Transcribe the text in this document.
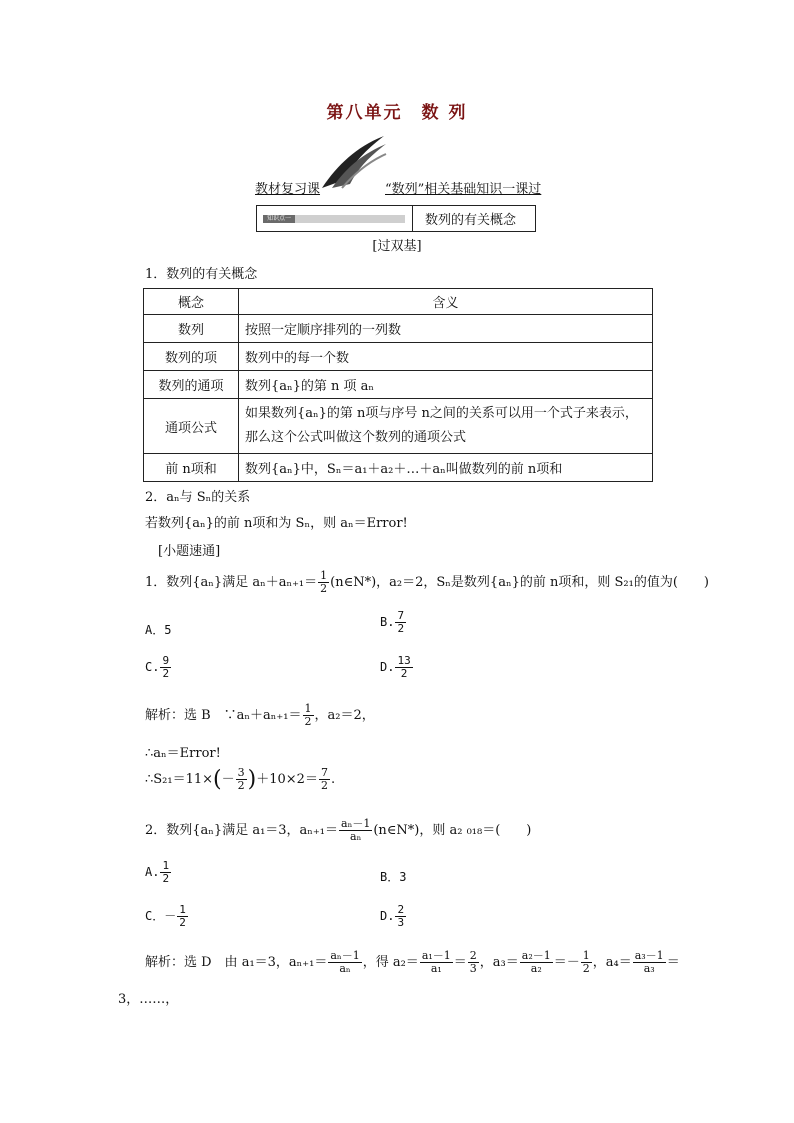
第八单元　数 列
教材复习课	“数列”相关基础知识一课过
知识点一	数列的有关概念
[过双基]
1．数列的有关概念
概念	含义
数列	按照一定顺序排列的一列数
数列的项	数列中的每一个数
数列的通项	数列{aₙ}的第 n 项 aₙ
通项公式	如果数列{aₙ}的第 n项与序号 n之间的关系可以用一个式子来表示，那么这个公式叫做这个数列的通项公式
前 n项和	数列{aₙ}中，Sₙ＝a₁＋a₂＋…＋aₙ叫做数列的前 n项和
2．aₙ与 Sₙ的关系
若数列{aₙ}的前 n项和为 Sₙ，则 aₙ＝Error!
[小题速通]
1．数列{aₙ}满足 $a_n+a_{n+1}= \frac{1}{2}$ (n∈N*)，a₂＝2，Sₙ是数列{aₙ}的前 n项和，则 S₂₁的值为(　　)
A．5
B. $\frac{7}{2}$
C. $\frac{9}{2}$	D. $\frac{13}{2}$
解析：选 B　∵aₙ＋aₙ₊₁＝ $\frac{1}{2}$ ，a₂＝2，
∴aₙ＝Error!
∴S₂₁＝11×(－ $\frac{3}{2} )+10\times 2= \frac{7}{2}$ .
2．数列{aₙ}满足 a₁＝3，$a_{n+1}= \frac{\text{aₙ－1}}{\text{aₙ}}$ (n∈N*)，则 a₂ ₀₁₈＝(　　)
A. $\frac{1}{2}$	B．3
C．－ $\frac{1}{2}$	D. $\frac{2}{3}$
解析：选 D　由 a₁＝3，$a_{n+1}= \frac{\text{aₙ－1}}{\text{aₙ}}$ ，得 $a_2= \frac{\text{a₁－1}}{\text{a₁}} = \frac{2}{3}$ ，$a_3= \frac{\text{a₂－1}}{\text{a₂}} =- \frac{1}{2}$ ，$a_4= \frac{\text{a₃－1}}{\text{a₃}}$ ＝
3，……，
